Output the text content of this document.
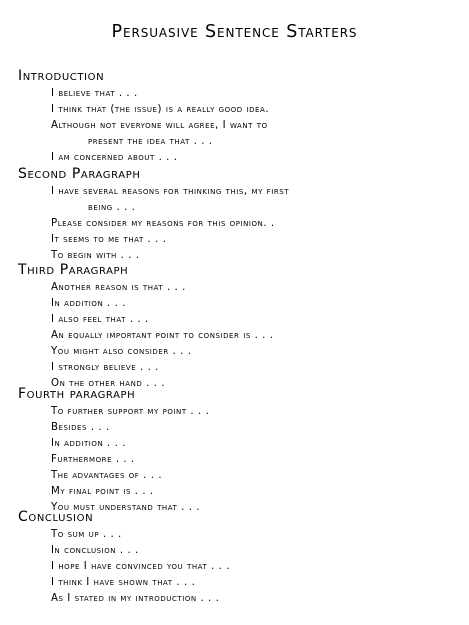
Persuasive Sentence Starters
Introduction
I believe that . . .
I think that (the issue) is a really good idea.
Although not everyone will agree, I want to
present the idea that . . .
I am concerned about . . .
Second Paragraph
I have several reasons for thinking this, my first
being . . .
Please consider my reasons for this opinion. .
It seems to me that . . .
To begin with . . .
Third Paragraph
Another reason is that . . .
In addition . . .
I also feel that . . .
An equally important point to consider is . . .
You might also consider . . .
I strongly believe . . .
On the other hand . . .
Fourth paragraph
To further support my point . . .
Besides . . .
In addition . . .
Furthermore . . .
The advantages of . . .
My final point is . . .
You must understand that . . .
Conclusion
To sum up . . .
In conclusion . . .
I hope I have convinced you that . . .
I think I have shown that . . .
As I stated in my introduction . . .
